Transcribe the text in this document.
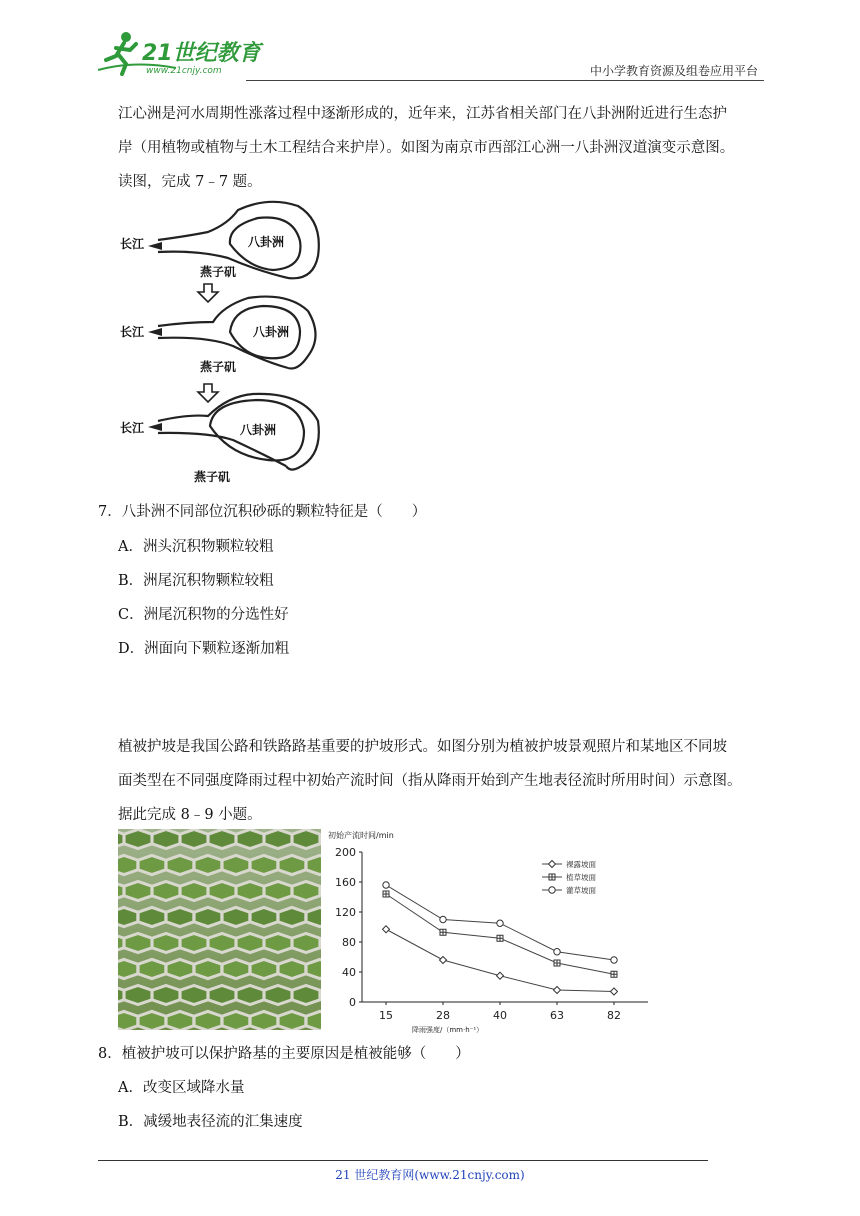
21世纪教育
www.21cnjy.com	中小学教育资源及组卷应用平台

江心洲是河水周期性涨落过程中逐渐形成的，近年来，江苏省相关部门在八卦洲附近进行生态护

岸（用植物或植物与土木工程结合来护岸）。如图为南京市西部江心洲一八卦洲汊道演变示意图。

读图，完成 7﹣7 题。

长江	八卦洲
燕子矶
长江	八卦洲
燕子矶
长江	八卦洲
燕子矶

7．八卦洲不同部位沉积砂砾的颗粒特征是（　　）

A．洲头沉积物颗粒较粗

B．洲尾沉积物颗粒较粗

C．洲尾沉积物的分选性好

D．洲面向下颗粒逐渐加粗

植被护坡是我国公路和铁路路基重要的护坡形式。如图分别为植被护坡景观照片和某地区不同坡

面类型在不同强度降雨过程中初始产流时间（指从降雨开始到产生地表径流时所用时间）示意图。

据此完成 8﹣9 小题。

初始产流时间/min
降雨强度/（mm·h⁻¹）
0
40
80
120
160
200
15	28	40	63	82
裸露坡面
植草坡面
灌草坡面

8．植被护坡可以保护路基的主要原因是植被能够（　　）

A．改变区域降水量

B．减缓地表径流的汇集速度

21 世纪教育网(www.21cnjy.com)
